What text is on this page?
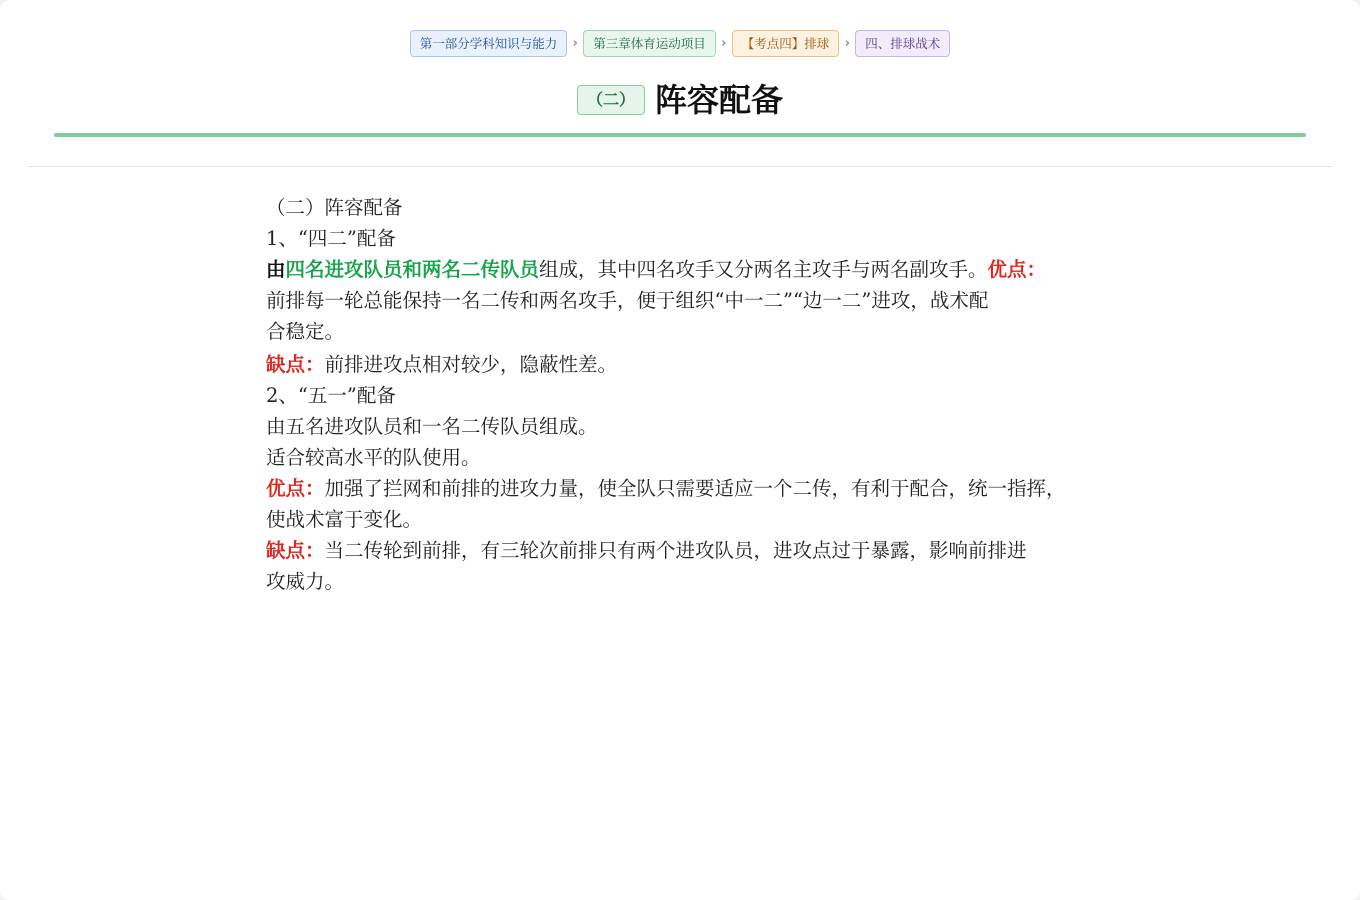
第一部分学科知识与能力	›	第三章体育运动项目	›	【考点四】排球	›	四、排球战术
（二） 阵容配备
（二）阵容配备
1、“四二”配备
由四名进攻队员和两名二传队员组成，其中四名攻手又分两名主攻手与两名副攻手。优点：
前排每一轮总能保持一名二传和两名攻手，便于组织“中一二”“边一二”进攻，战术配
合稳定。
缺点：前排进攻点相对较少，隐蔽性差。
2、“五一”配备
由五名进攻队员和一名二传队员组成。
适合较高水平的队使用。
优点：加强了拦网和前排的进攻力量，使全队只需要适应一个二传，有利于配合，统一指挥，
使战术富于变化。
缺点：当二传轮到前排，有三轮次前排只有两个进攻队员，进攻点过于暴露，影响前排进
攻威力。
